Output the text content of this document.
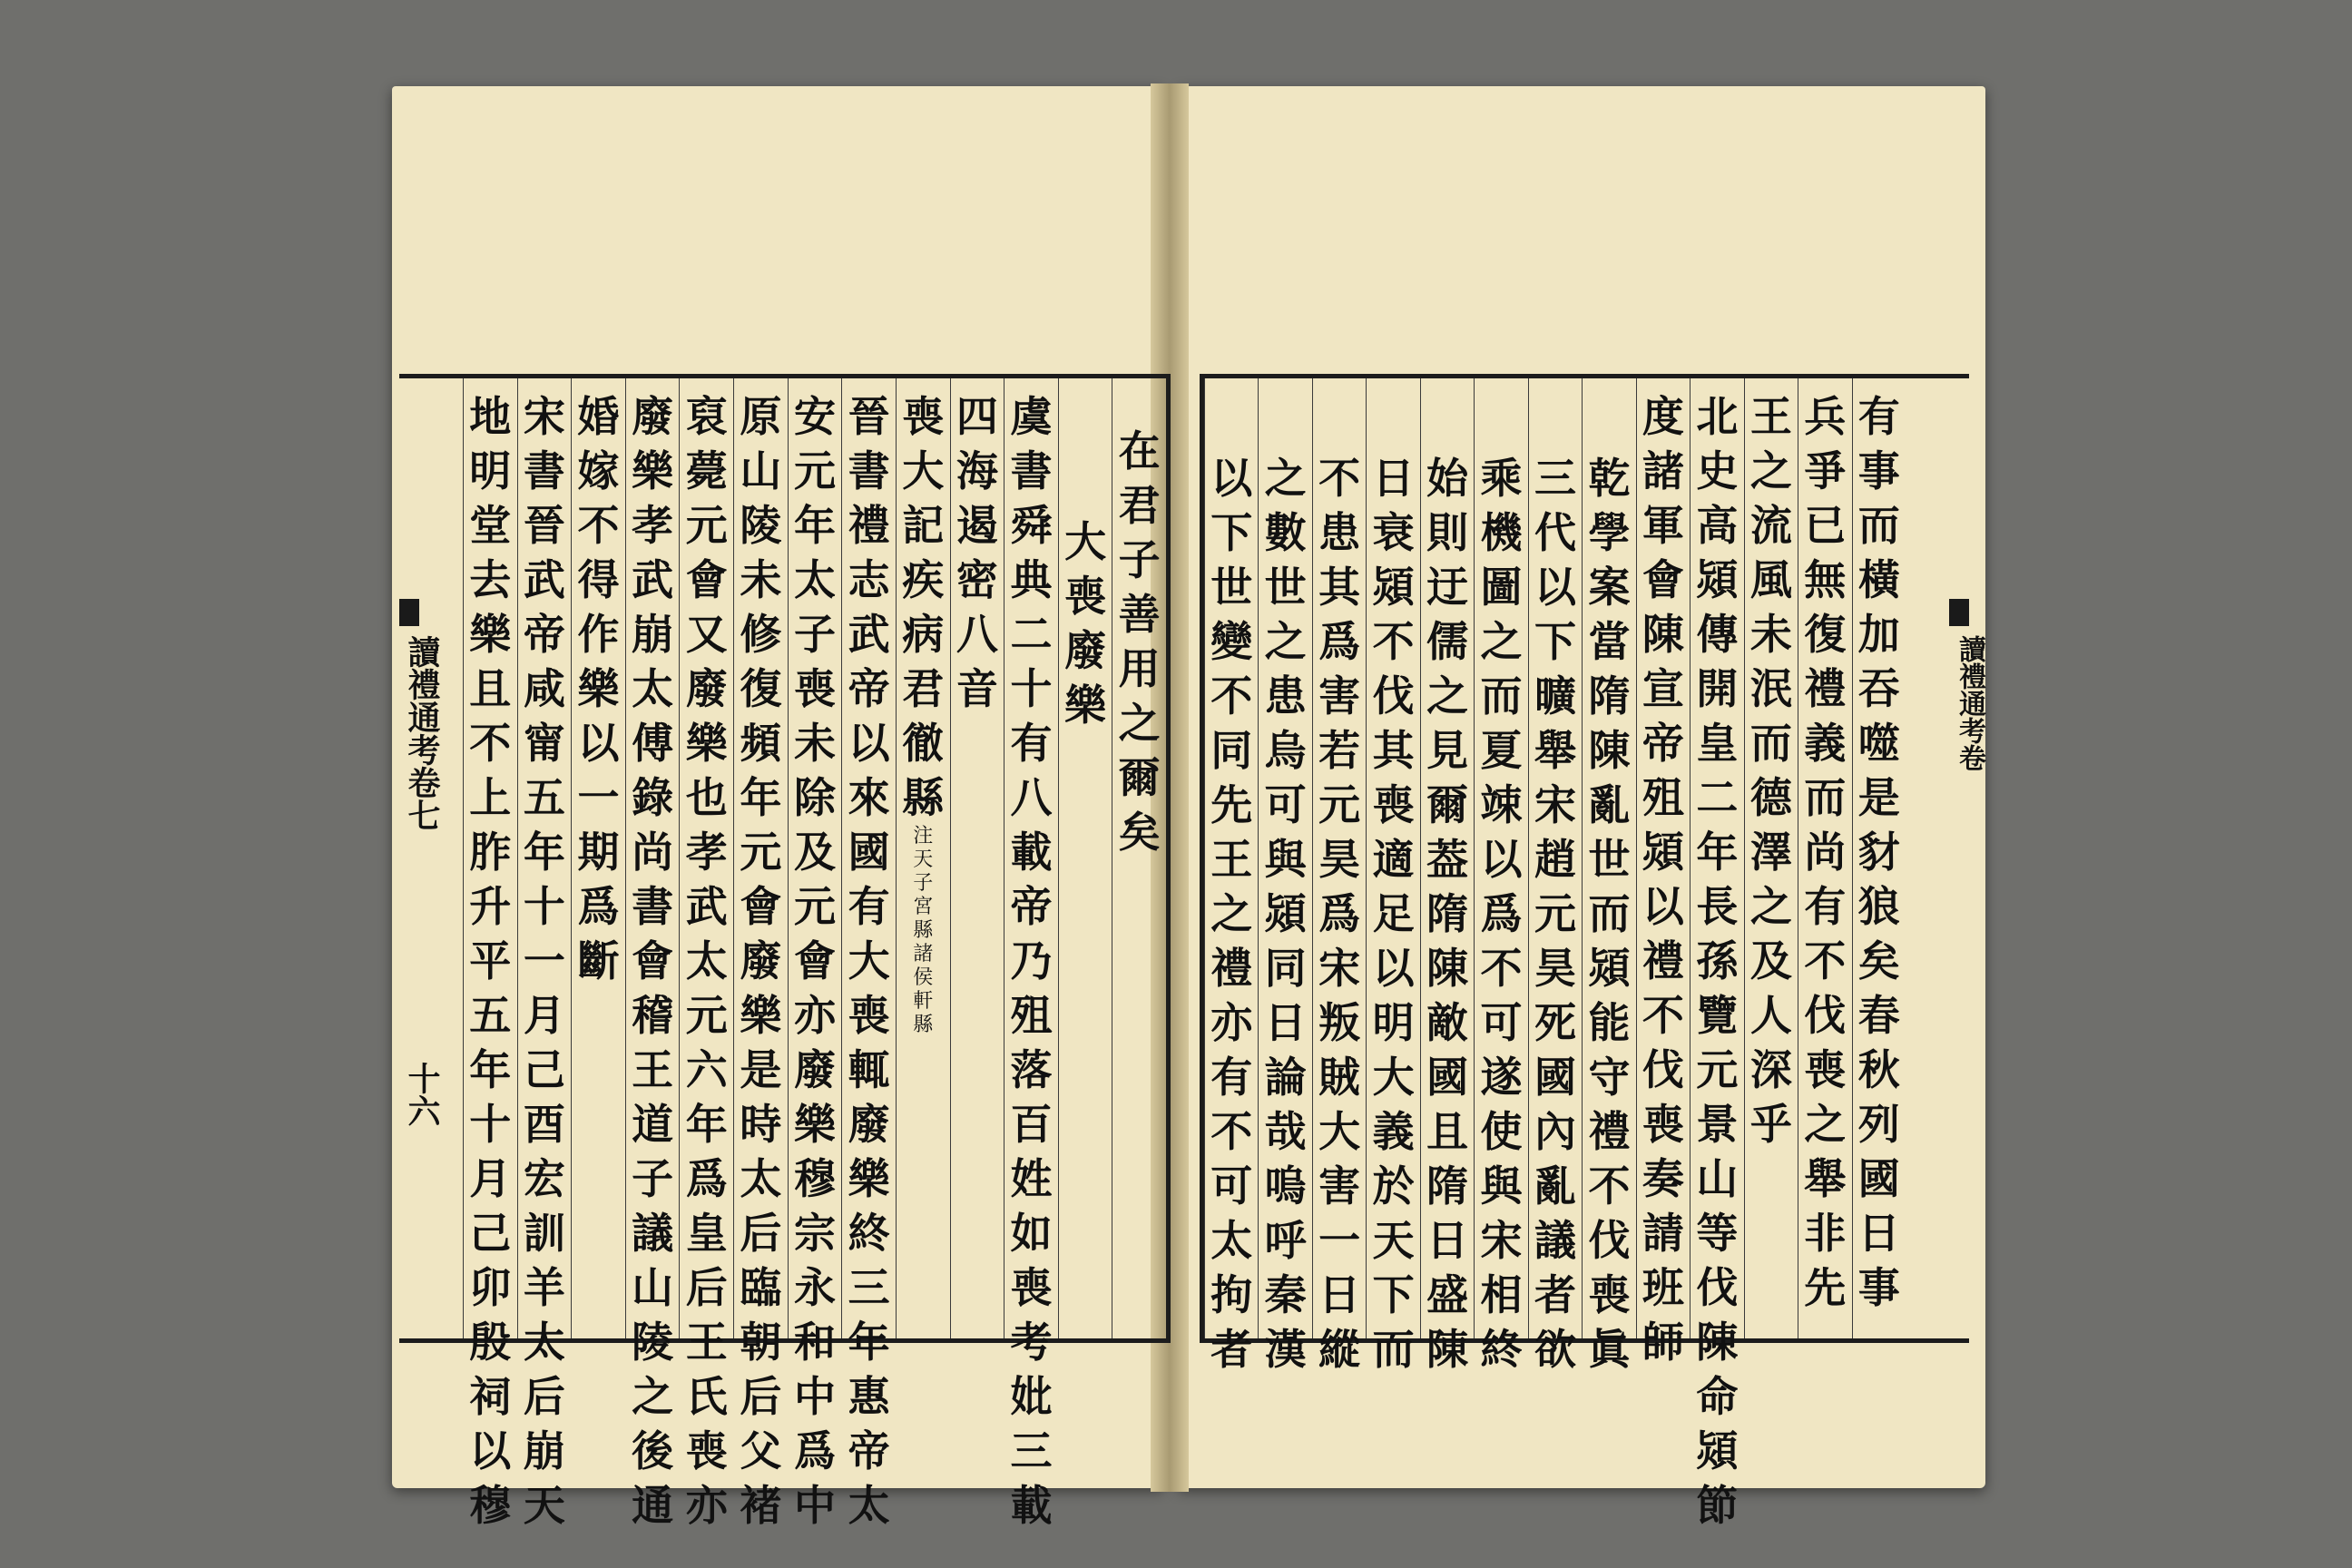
在
君
子
善
用
之
爾
矣
大
喪
廢
樂
虞
書
舜
典
二
十
有
八
載
帝
乃
殂
落
百
姓
如
喪
考
妣
三
載
四
海
遏
密
八
音
喪
大
記
疾
病
君
徹
縣
注
天
子
宮
縣
諸
侯
軒
縣
晉
書
禮
志
武
帝
以
來
國
有
大
喪
輒
廢
樂
終
三
年
惠
帝
太
安
元
年
太
子
喪
未
除
及
元
會
亦
廢
樂
穆
宗
永
和
中
爲
中
原
山
陵
未
修
復
頻
年
元
會
廢
樂
是
時
太
后
臨
朝
后
父
褚
裒
薨
元
會
又
廢
樂
也
孝
武
太
元
六
年
爲
皇
后
王
氏
喪
亦
廢
樂
孝
武
崩
太
傅
錄
尚
書
會
稽
王
道
子
議
山
陵
之
後
通
婚
嫁
不
得
作
樂
以
一
期
爲
斷
宋
書
晉
武
帝
咸
甯
五
年
十
一
月
己
酉
宏
訓
羊
太
后
崩
天
地
明
堂
去
樂
且
不
上
胙
升
平
五
年
十
月
己
卯
殷
祠
以
穆
有
事
而
橫
加
吞
噬
是
豺
狼
矣
春
秋
列
國
日
事
兵
爭
已
無
復
禮
義
而
尚
有
不
伐
喪
之
舉
非
先
王
之
流
風
未
泯
而
德
澤
之
及
人
深
乎
北
史
高
熲
傳
開
皇
二
年
長
孫
覽
元
景
山
等
伐
陳
命
熲
節
度
諸
軍
會
陳
宣
帝
殂
熲
以
禮
不
伐
喪
奏
請
班
師
乾
學
案
當
隋
陳
亂
世
而
熲
能
守
禮
不
伐
喪
眞
三
代
以
下
曠
舉
宋
趙
元
昊
死
國
內
亂
議
者
欲
乘
機
圖
之
而
夏
竦
以
爲
不
可
遂
使
與
宋
相
終
始
則
迂
儒
之
見
爾
葢
隋
陳
敵
國
且
隋
日
盛
陳
日
衰
熲
不
伐
其
喪
適
足
以
明
大
義
於
天
下
而
不
患
其
爲
害
若
元
昊
爲
宋
叛
賊
大
害
一
日
縱
之
數
世
之
患
烏
可
與
熲
同
日
論
哉
嗚
呼
秦
漢
以
下
世
變
不
同
先
王
之
禮
亦
有
不
可
太
拘
者
讀禮通考卷七
十六
讀禮通考卷
